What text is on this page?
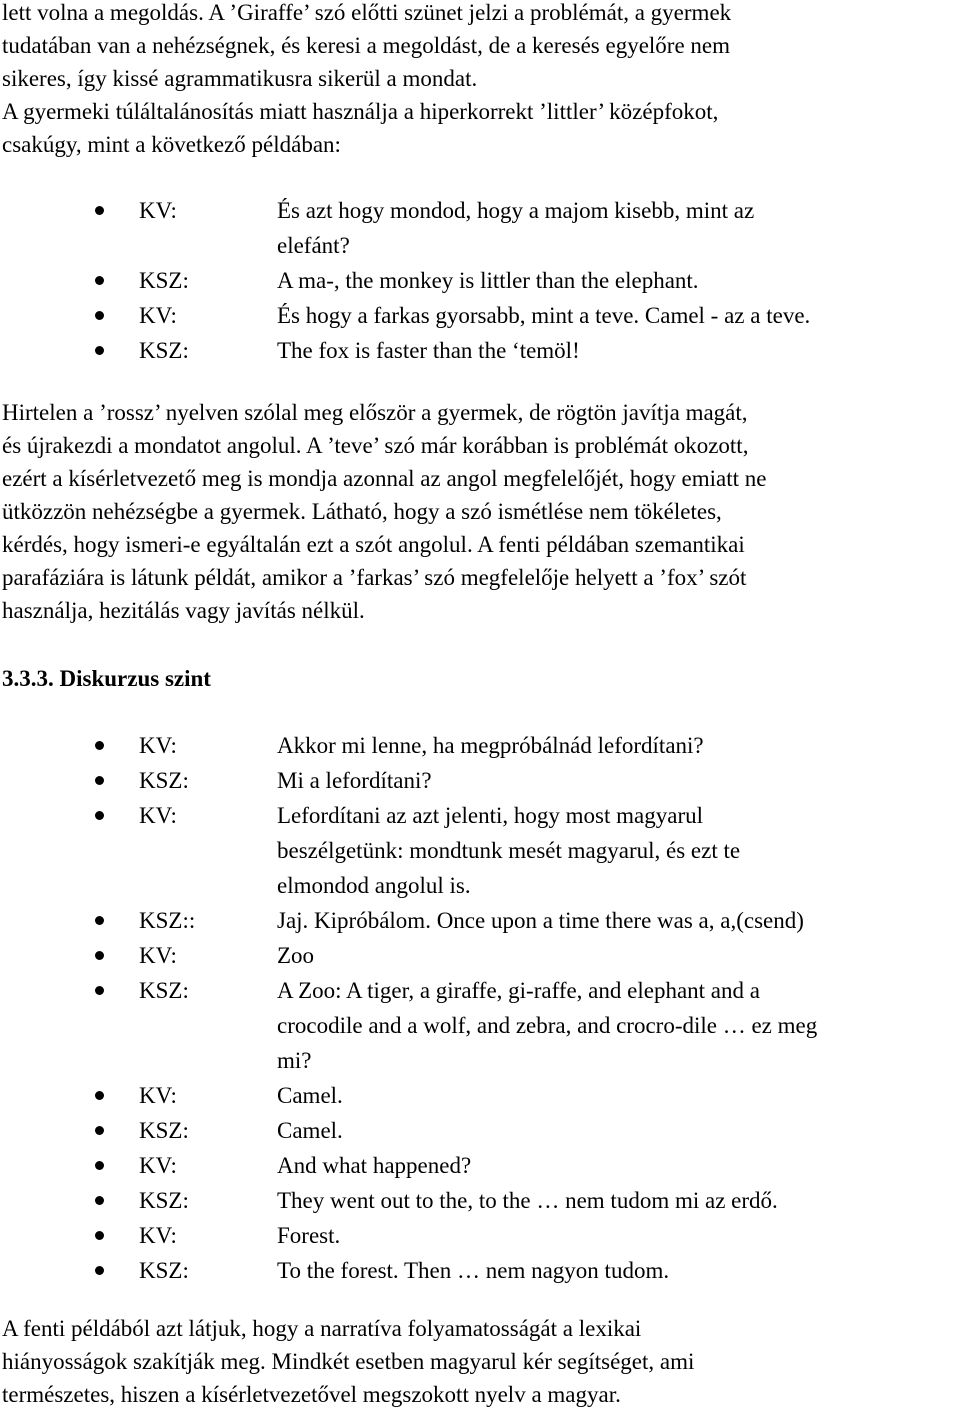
lett volna a megoldás. A ’Giraffe’ szó előtti szünet jelzi a problémát, a gyermek
tudatában van a nehézségnek, és keresi a megoldást, de a keresés egyelőre nem
sikeres, így kissé agrammatikusra sikerül a mondat.
A gyermeki túláltalánosítás miatt használja a hiperkorrekt ’littler’ középfokot,
csakúgy, mint a következő példában:
KV:	És azt hogy mondod, hogy a majom kisebb, mint az
elefánt?
KSZ:	A ma-, the monkey is littler than the elephant.
KV:	És hogy a farkas gyorsabb, mint a teve. Camel - az a teve.
KSZ:	The fox is faster than the ‘temöl!
Hirtelen a ’rossz’ nyelven szólal meg először a gyermek, de rögtön javítja magát,
és újrakezdi a mondatot angolul. A ’teve’ szó már korábban is problémát okozott,
ezért a kísérletvezető meg is mondja azonnal az angol megfelelőjét, hogy emiatt ne
ütközzön nehézségbe a gyermek. Látható, hogy a szó ismétlése nem tökéletes,
kérdés, hogy ismeri-e egyáltalán ezt a szót angolul. A fenti példában szemantikai
parafáziára is látunk példát, amikor a ’farkas’ szó megfelelője helyett a ’fox’ szót
használja, hezitálás vagy javítás nélkül.
3.3.3. Diskurzus szint
KV:	Akkor mi lenne, ha megpróbálnád lefordítani?
KSZ:	Mi a lefordítani?
KV:	Lefordítani az azt jelenti, hogy most magyarul
beszélgetünk: mondtunk mesét magyarul, és ezt te
elmondod angolul is.
KSZ::	Jaj. Kipróbálom. Once upon a time there was a, a,(csend)
KV:	Zoo
KSZ:	A Zoo: A tiger, a giraffe, gi-raffe, and elephant and a
crocodile and a wolf, and zebra, and crocro-dile … ez meg
mi?
KV:	Camel.
KSZ:	Camel.
KV:	And what happened?
KSZ:	They went out to the, to the … nem tudom mi az erdő.
KV:	Forest.
KSZ:	To the forest. Then … nem nagyon tudom.
A fenti példából azt látjuk, hogy a narratíva folyamatosságát a lexikai
hiányosságok szakítják meg. Mindkét esetben magyarul kér segítséget, ami
természetes, hiszen a kísérletvezetővel megszokott nyelv a magyar.
